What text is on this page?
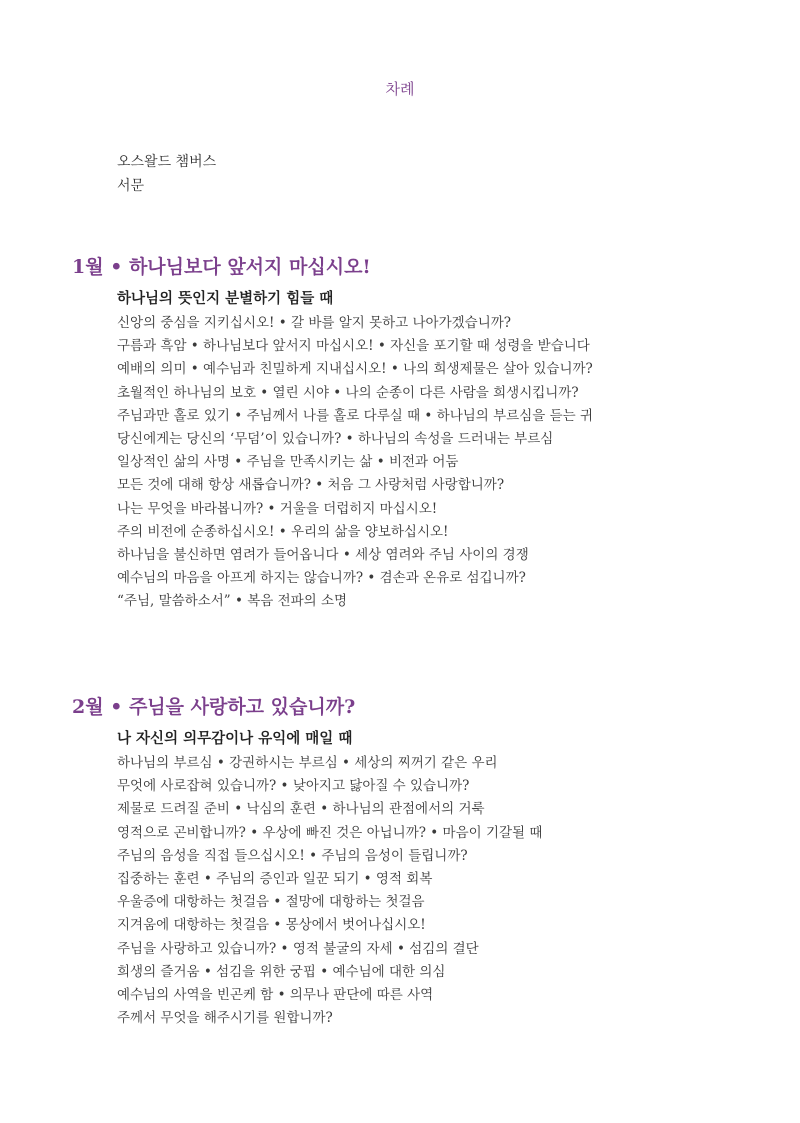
차례
오스왈드 챔버스
서문
1월 • 하나님보다 앞서지 마십시오!
하나님의 뜻인지 분별하기 힘들 때
신앙의 중심을 지키십시오! • 갈 바를 알지 못하고 나아가겠습니까?
구름과 흑암 • 하나님보다 앞서지 마십시오! • 자신을 포기할 때 성령을 받습니다
예배의 의미 • 예수님과 친밀하게 지내십시오! • 나의 희생제물은 살아 있습니까?
초월적인 하나님의 보호 • 열린 시야 • 나의 순종이 다른 사람을 희생시킵니까?
주님과만 홀로 있기 • 주님께서 나를 홀로 다루실 때 • 하나님의 부르심을 듣는 귀
당신에게는 당신의 ‘무덤’이 있습니까? • 하나님의 속성을 드러내는 부르심
일상적인 삶의 사명 • 주님을 만족시키는 삶 • 비전과 어둠
모든 것에 대해 항상 새롭습니까? • 처음 그 사랑처럼 사랑합니까?
나는 무엇을 바라봅니까? • 거울을 더럽히지 마십시오!
주의 비전에 순종하십시오! • 우리의 삶을 양보하십시오!
하나님을 불신하면 염려가 들어옵니다 • 세상 염려와 주님 사이의 경쟁
예수님의 마음을 아프게 하지는 않습니까? • 겸손과 온유로 섬깁니까?
“주님, 말씀하소서” • 복음 전파의 소명
2월 • 주님을 사랑하고 있습니까?
나 자신의 의무감이나 유익에 매일 때
하나님의 부르심 • 강권하시는 부르심 • 세상의 찌꺼기 같은 우리
무엇에 사로잡혀 있습니까? • 낮아지고 닳아질 수 있습니까?
제물로 드려질 준비 • 낙심의 훈련 • 하나님의 관점에서의 거룩
영적으로 곤비합니까? • 우상에 빠진 것은 아닙니까? • 마음이 기갈될 때
주님의 음성을 직접 들으십시오! • 주님의 음성이 들립니까?
집중하는 훈련 • 주님의 증인과 일꾼 되기 • 영적 회복
우울증에 대항하는 첫걸음 • 절망에 대항하는 첫걸음
지겨움에 대항하는 첫걸음 • 몽상에서 벗어나십시오!
주님을 사랑하고 있습니까? • 영적 불굴의 자세 • 섬김의 결단
희생의 즐거움 • 섬김을 위한 궁핍 • 예수님에 대한 의심
예수님의 사역을 빈곤케 함 • 의무나 판단에 따른 사역
주께서 무엇을 해주시기를 원합니까?
